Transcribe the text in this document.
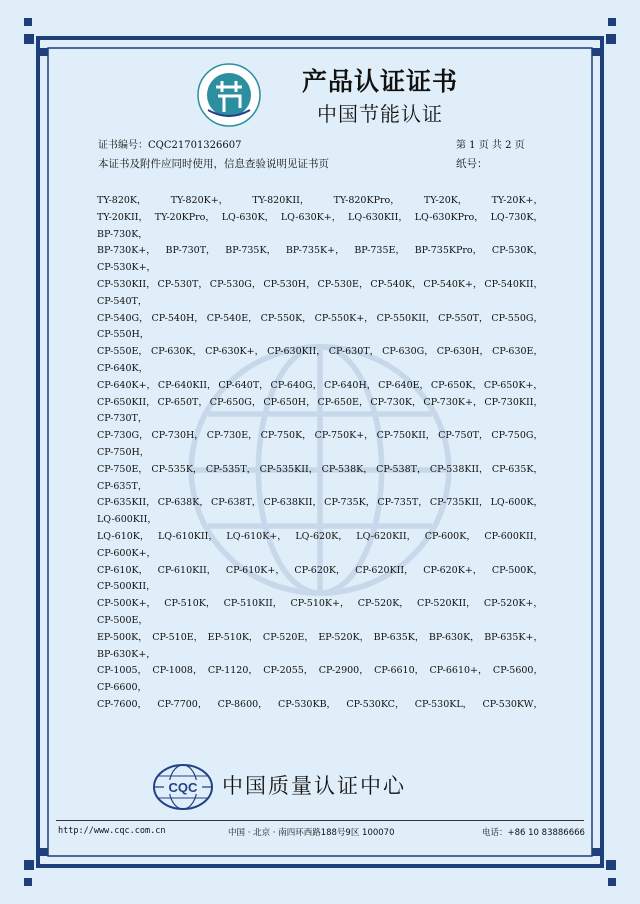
产品认证证书
中国节能认证
证书编号：CQC21701326607	第 1 页 共 2 页
本证书及附件应同时使用，信息查验说明见证书页	纸号：
TY-820K，	TY-820K+，	TY-820KII，	TY-820KPro，	TY-20K，	TY-20K+，
TY-20KII， TY-20KPro， LQ-630K， LQ-630K+， LQ-630KII， LQ-630KPro， LQ-730K，
BP-730K，
BP-730K+， BP-730T， BP-735K， BP-735K+， BP-735E， BP-735KPro， CP-530K，
CP-530K+，
CP-530KII， CP-530T， CP-530G， CP-530H， CP-530E， CP-540K， CP-540K+， CP-540KII，
CP-540T，
CP-540G， CP-540H， CP-540E， CP-550K， CP-550K+， CP-550KII， CP-550T， CP-550G，
CP-550H，
CP-550E， CP-630K， CP-630K+， CP-630KII， CP-630T， CP-630G， CP-630H， CP-630E，
CP-640K，
CP-640K+， CP-640KII， CP-640T， CP-640G， CP-640H， CP-640E， CP-650K， CP-650K+，
CP-650KII， CP-650T， CP-650G， CP-650H， CP-650E， CP-730K， CP-730K+， CP-730KII，
CP-730T，
CP-730G， CP-730H， CP-730E， CP-750K， CP-750K+， CP-750KII， CP-750T， CP-750G，
CP-750H，
CP-750E， CP-535K， CP-535T， CP-535KII， CP-538K， CP-538T， CP-538KII， CP-635K，
CP-635T，
CP-635KII， CP-638K， CP-638T， CP-638KII， CP-735K， CP-735T， CP-735KII， LQ-600K，
LQ-600KII，
LQ-610K， LQ-610KII， LQ-610K+， LQ-620K， LQ-620KII， CP-600K， CP-600KII，
CP-600K+，
CP-610K， CP-610KII， CP-610K+， CP-620K， CP-620KII， CP-620K+， CP-500K，
CP-500KII，
CP-500K+， CP-510K， CP-510KII， CP-510K+， CP-520K， CP-520KII， CP-520K+，
CP-500E，
EP-500K， CP-510E， EP-510K， CP-520E， EP-520K， BP-635K， BP-630K， BP-635K+，
BP-630K+，
CP-1005， CP-1008， CP-1120， CP-2055， CP-2900， CP-6610， CP-6610+， CP-5600，
CP-6600，
CP-7600， CP-7700， CP-8600， CP-530KB， CP-530KC， CP-530KL， CP-530KW，
CQC 中国质量认证中心
http://www.cqc.com.cn	中国 · 北京 · 南四环西路188号9区 100070	电话：+86 10 83886666
